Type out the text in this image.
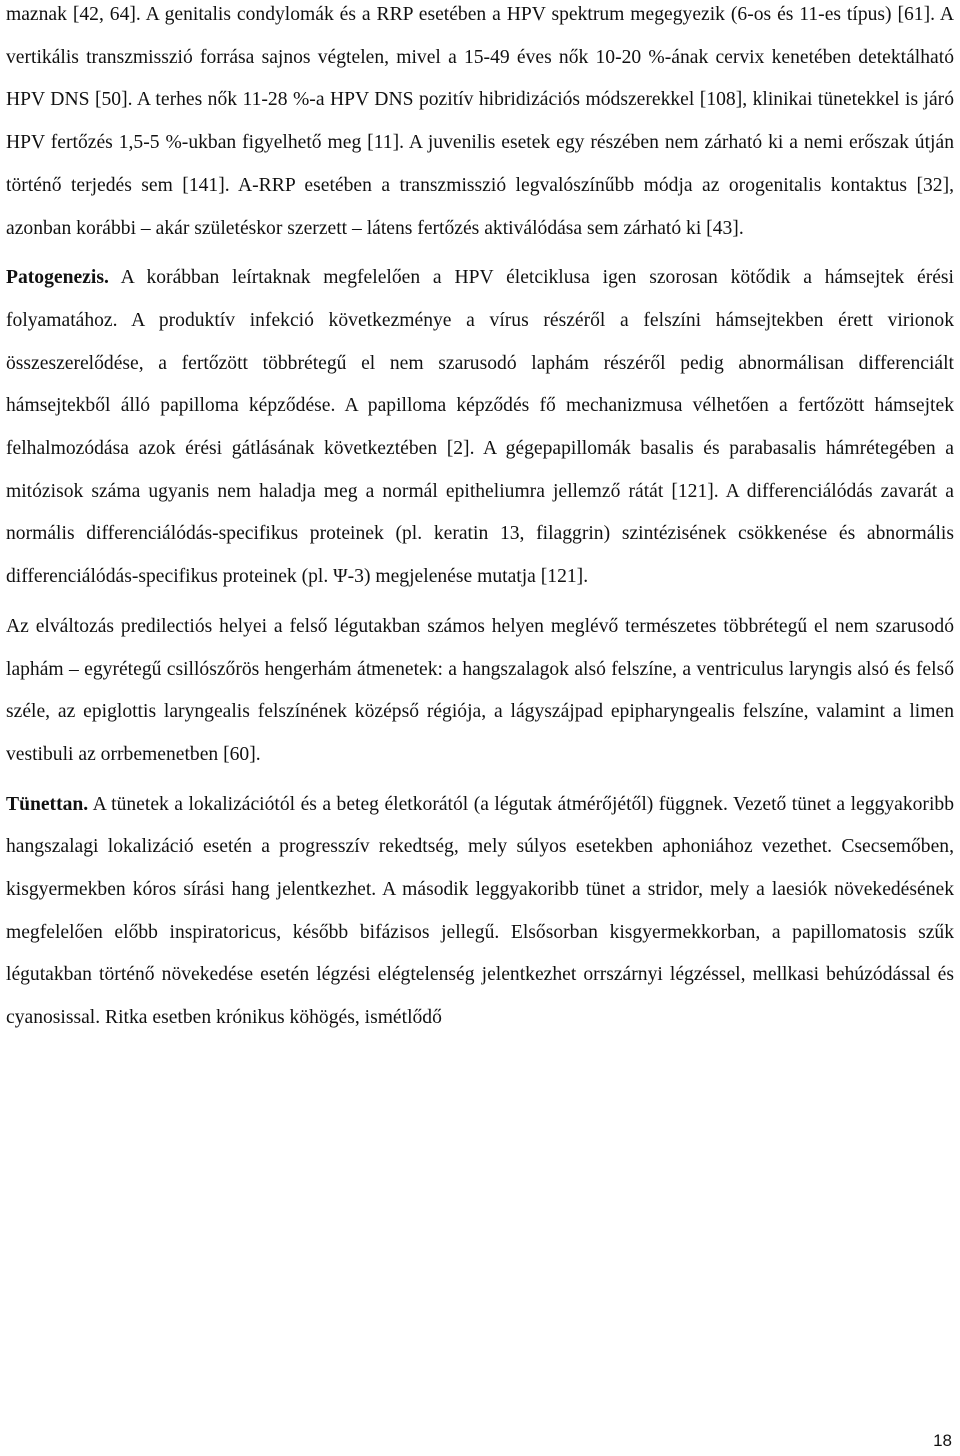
maznak [42, 64]. A genitalis condylomák és a RRP esetében a HPV spektrum megegyezik (6-os és 11-es típus) [61]. A vertikális transzmisszió forrása sajnos végtelen, mivel a 15-49 éves nők 10-20 %-ának cervix kenetében detektálható HPV DNS [50]. A terhes nők 11-28 %-a HPV DNS pozitív hibridizációs módszerekkel [108], klinikai tünetekkel is járó HPV fertőzés 1,5-5 %-ukban figyelhető meg [11]. A juvenilis esetek egy részében nem zárható ki a nemi erőszak útján történő terjedés sem [141]. A-RRP esetében a transzmisszió legvalószínűbb módja az orogenitalis kontaktus [32], azonban korábbi – akár születéskor szerzett – látens fertőzés aktiválódása sem zárható ki [43].

Patogenezis. A korábban leírtaknak megfelelően a HPV életciklusa igen szorosan kötődik a hámsejtek érési folyamatához. A produktív infekció következménye a vírus részéről a felszíni hámsejtekben érett virionok összeszerelődése, a fertőzött többrétegű el nem szarusodó laphám részéről pedig abnormálisan differenciált hámsejtekből álló papilloma képződése. A papilloma képződés fő mechanizmusa vélhetően a fertőzött hámsejtek felhalmozódása azok érési gátlásának következtében [2]. A gégepapillomák basalis és parabasalis hámrétegében a mitózisok száma ugyanis nem haladja meg a normál epitheliumra jellemző rátát [121]. A differenciálódás zavarát a normális differenciálódás-specifikus proteinek (pl. keratin 13, filaggrin) szintézisének csökkenése és abnormális differenciálódás-specifikus proteinek (pl. Ψ-3) megjelenése mutatja [121].

Az elváltozás predilectiós helyei a felső légutakban számos helyen meglévő természetes többrétegű el nem szarusodó laphám – egyrétegű csillószőrös hengerhám átmenetek: a hangszalagok alsó felszíne, a ventriculus laryngis alsó és felső széle, az epiglottis laryngealis felszínének középső régiója, a lágyszájpad epipharyngealis felszíne, valamint a limen vestibuli az orrbemenetben [60].

Tünettan. A tünetek a lokalizációtól és a beteg életkorától (a légutak átmérőjétől) függnek. Vezető tünet a leggyakoribb hangszalagi lokalizáció esetén a progresszív rekedtség, mely súlyos esetekben aphoniához vezethet. Csecsemőben, kisgyermekben kóros sírási hang jelentkezhet. A második leggyakoribb tünet a stridor, mely a laesiók növekedésének megfelelően előbb inspiratoricus, később bifázisos jellegű. Elsősorban kisgyermekkorban, a papillomatosis szűk légutakban történő növekedése esetén légzési elégtelenség jelentkezhet orrszárnyi légzéssel, mellkasi behúzódással és cyanosissal. Ritka esetben krónikus köhögés, ismétlődő

18
